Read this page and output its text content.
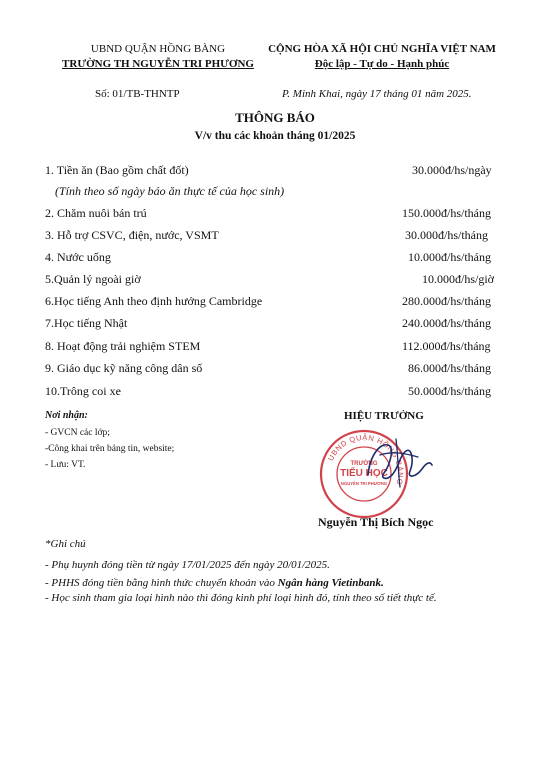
UBND QUẬN HỒNG BÀNG
TRƯỜNG TH NGUYỄN TRI PHƯƠNG
CỘNG HÒA XÃ HỘI CHỦ NGHĨA VIỆT NAM
Độc lập - Tự do - Hạnh phúc
Số: 01/TB-THNTP	P. Minh Khai, ngày 17 tháng 01 năm 2025.
THÔNG BÁO
V/v thu các khoản tháng 01/2025
1. Tiền ăn (Bao gồm chất đốt)	30.000đ/hs/ngày
(Tính theo số ngày báo ăn thực tế của học sinh)
2. Chăm nuôi bán trú	150.000đ/hs/tháng
3. Hỗ trợ CSVC, điện, nước, VSMT	30.000đ/hs/tháng
4. Nước uống	10.000đ/hs/tháng
5.Quản lý ngoài giờ	10.000đ/hs/giờ
6.Học tiếng Anh theo định hướng Cambridge	280.000đ/hs/tháng
7.Học tiếng Nhật	240.000đ/hs/tháng
8. Hoạt động trải nghiệm STEM	112.000đ/hs/tháng
9. Giáo dục kỹ năng công dân số	86.000đ/hs/tháng
10.Trông coi xe	50.000đ/hs/tháng
Nơi nhận:
- GVCN các lớp;
-Công khai trên bảng tin, website;
- Lưu: VT.
HIỆU TRƯỞNG
UBND QUẬN HỒNG BÀNG
TRƯỜNG
TIỂU HỌC
NGUYỄN TRI PHƯƠNG
Nguyễn Thị Bích Ngọc
*Ghi chú
- Phụ huynh đóng tiền từ ngày 17/01/2025 đến ngày 20/01/2025.
- PHHS đóng tiền bằng hình thức chuyển khoản vào Ngân hàng Vietinbank.
- Học sinh tham gia loại hình nào thì đóng kinh phí loại hình đó, tính theo số tiết thực tế.
